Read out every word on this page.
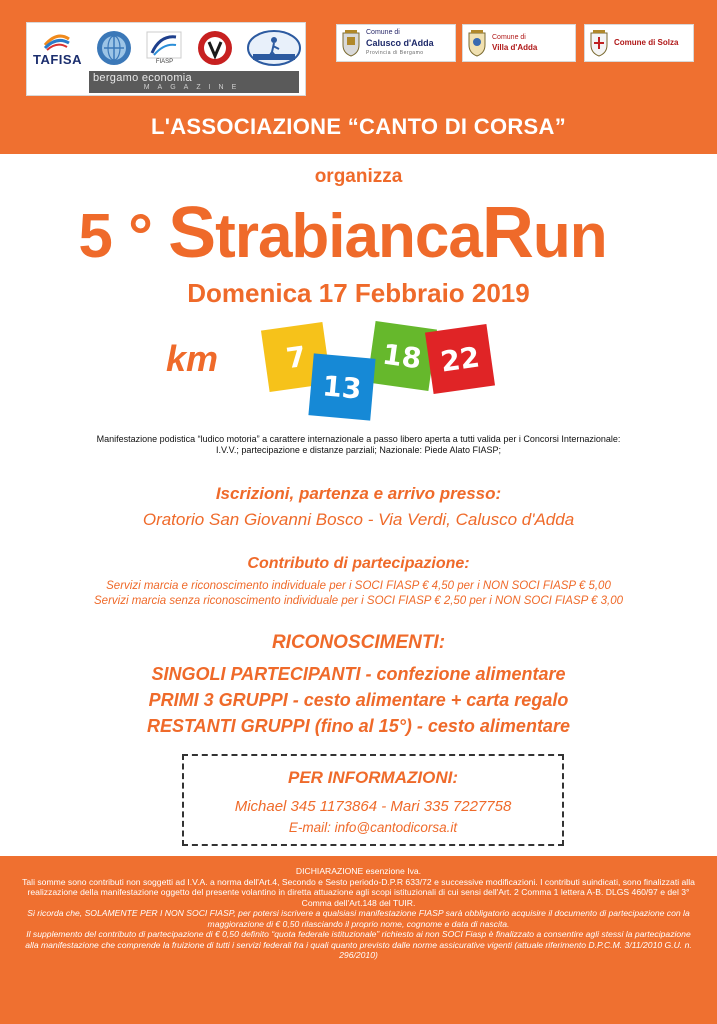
TAFISA	FIASP
bergamo economia
MAGAZINE
Comune di
Calusco d'Adda
Provincia di Bergamo
Comune di
Villa d'Adda
Comune di Solza
L'ASSOCIAZIONE “CANTO DI CORSA”
organizza
5 ° StrabiancaRun
Domenica 17 Febbraio 2019
km	7	18 22
13
Manifestazione podistica “ludico motoria” a carattere internazionale a passo libero aperta a tutti valida per i Concorsi Internazionale:
I.V.V.; partecipazione e distanze parziali; Nazionale: Piede Alato FIASP;
Iscrizioni, partenza e arrivo presso:
Oratorio San Giovanni Bosco - Via Verdi, Calusco d'Adda
Contributo di partecipazione:
Servizi marcia e riconoscimento individuale per i SOCI FIASP € 4,50 per i NON SOCI FIASP € 5,00
Servizi marcia senza riconoscimento individuale per i SOCI FIASP € 2,50 per i NON SOCI FIASP € 3,00
RICONOSCIMENTI:
SINGOLI PARTECIPANTI - confezione alimentare
PRIMI 3 GRUPPI - cesto alimentare + carta regalo
RESTANTI GRUPPI (fino al 15°) - cesto alimentare
PER INFORMAZIONI:
Michael 345 1173864 - Mari 335 7227758
E-mail: info@cantodicorsa.it

DICHIARAZIONE esenzione Iva.

Tali somme sono contributi non soggetti ad I.V.A. a norma dell'Art.4, Secondo e Sesto periodo-D.P.R 633/72 e successive modificazioni. I contributi suindicati, sono finalizzati alla realizzazione della manifestazione oggetto del presente volantino in diretta attuazione agli scopi istituzionali di cui sensi dell'Art. 2 Comma 1 lettera A-B. DLGS 460/97 e del 3° Comma dell'Art.148 del TUIR.

Si ricorda che, SOLAMENTE PER I NON SOCI FIASP, per potersi iscrivere a qualsiasi manifestazione FIASP sarà obbligatorio acquisire il documento di partecipazione con la maggiorazione di € 0,50 rilasciando il proprio nome, cognome e data di nascita.

Il supplemento del contributo di partecipazione di € 0,50 definito “quota federale istituzionale” richiesto ai non SOCI Fiasp è finalizzato a consentire agli stessi la partecipazione alla manifestazione che comprende la fruizione di tutti i servizi federali fra i quali quanto previsto dalle norme assicurative vigenti (attuale riferimento D.P.C.M. 3/11/2010 G.U. n. 296/2010)
